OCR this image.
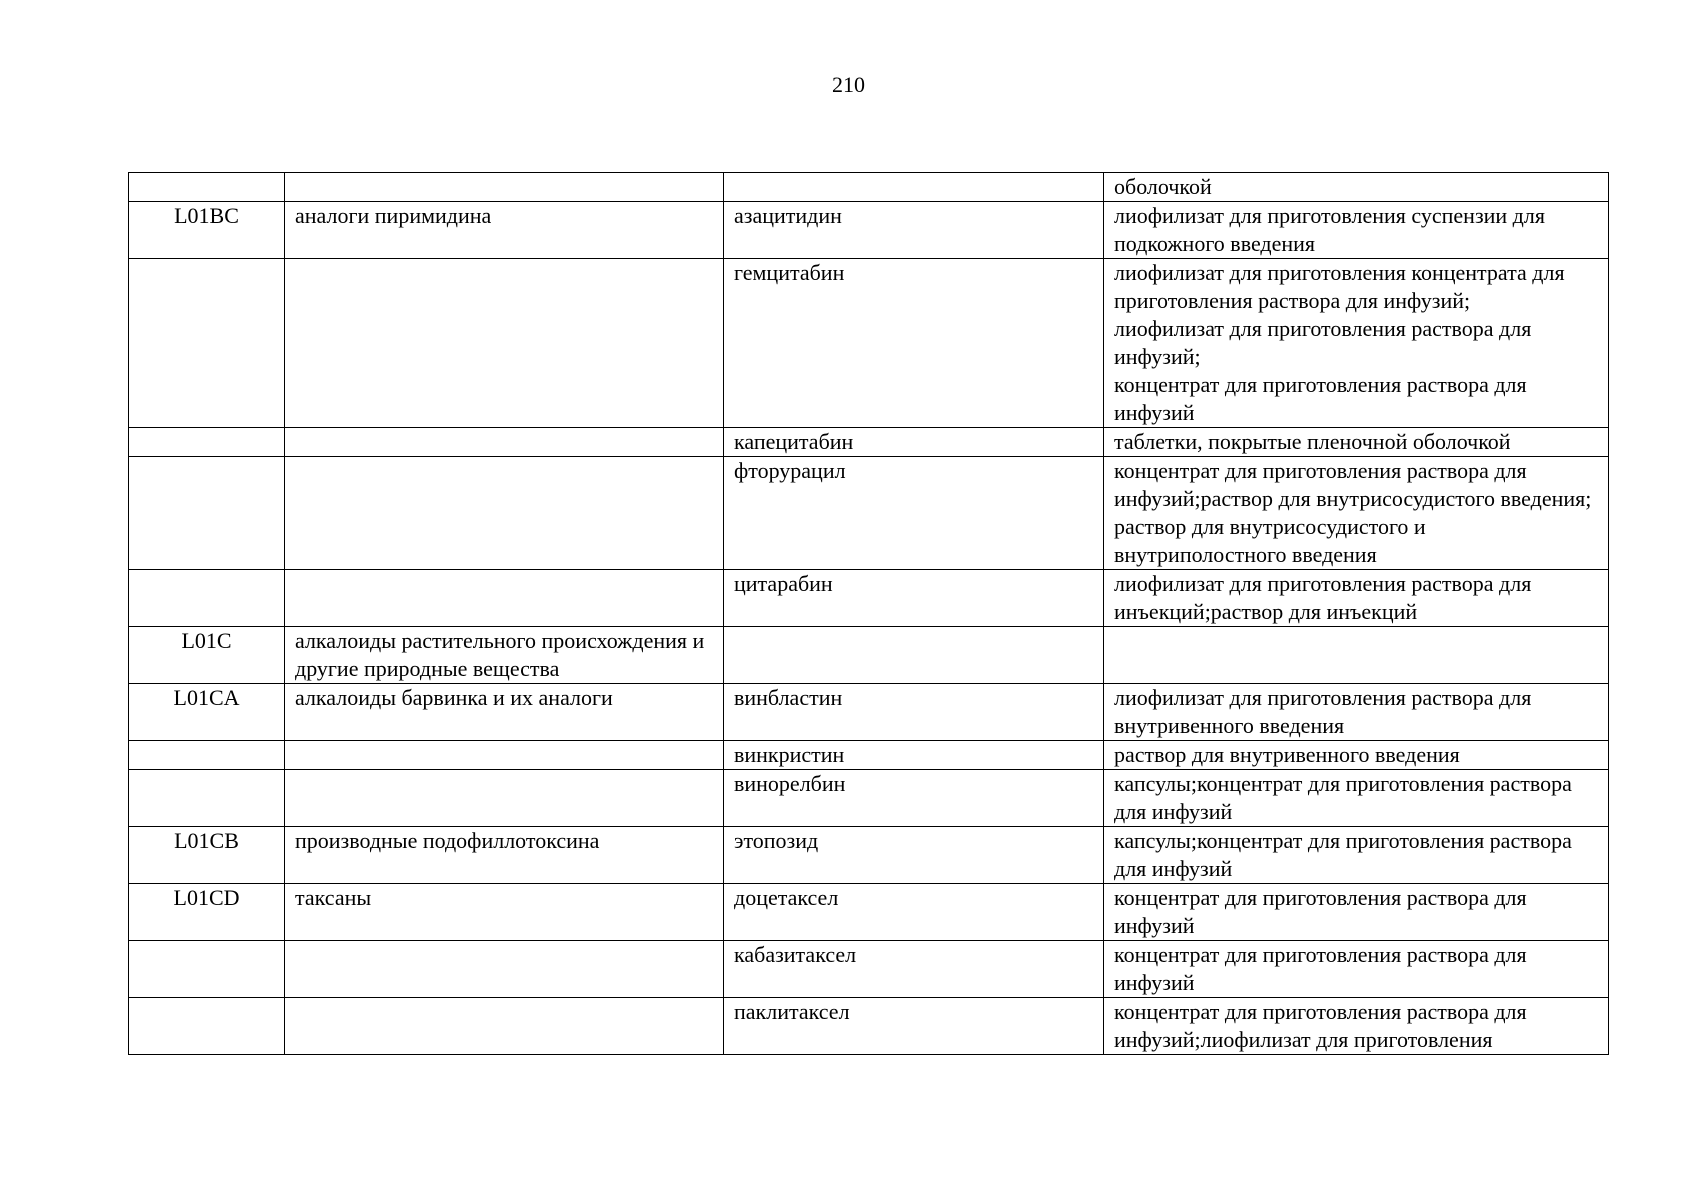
210
			оболочкой
L01BC	аналоги пиримидина	азацитидин	лиофилизат для приготовления суспензии для подкожного введения
		гемцитабин	лиофилизат для приготовления концентрата для приготовления раствора для инфузий;
лиофилизат для приготовления раствора для инфузий;
концентрат для приготовления раствора для инфузий
		капецитабин	таблетки, покрытые пленочной оболочкой
		фторурацил	концентрат для приготовления раствора для инфузий;раствор для внутрисосудистого введения;
раствор для внутрисосудистого и внутриполостного введения
		цитарабин	лиофилизат для приготовления раствора для инъекций;раствор для инъекций
L01C	алкалоиды растительного происхождения и другие природные вещества		
L01CA	алкалоиды барвинка и их аналоги	винбластин	лиофилизат для приготовления раствора для внутривенного введения
		винкристин	раствор для внутривенного введения
		винорелбин	капсулы;концентрат для приготовления раствора для инфузий
L01CB	производные подофиллотоксина	этопозид	капсулы;концентрат для приготовления раствора для инфузий
L01CD	таксаны	доцетаксел	концентрат для приготовления раствора для инфузий
		кабазитаксел	концентрат для приготовления раствора для инфузий
		паклитаксел	концентрат для приготовления раствора для инфузий;лиофилизат для приготовления
